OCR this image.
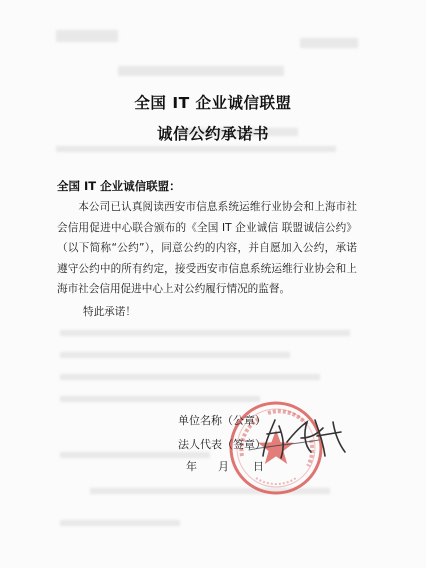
全国 IT 企业诚信联盟
诚信公约承诺书
全国 IT 企业诚信联盟：

本公司已认真阅读西安市信息系统运维行业协会和上海市社会信用促进中心联合颁布的《全国 IT 企业诚信 联盟诚信公约》（以下简称“公约”），同意公约的内容，并自愿加入公约，承诺遵守公约中的所有约定，接受西安市信息系统运维行业协会和上海市社会信用促进中心上对公约履行情况的监督。

特此承诺！
单位名称（公章）
法人代表（签章）
年 月 日
